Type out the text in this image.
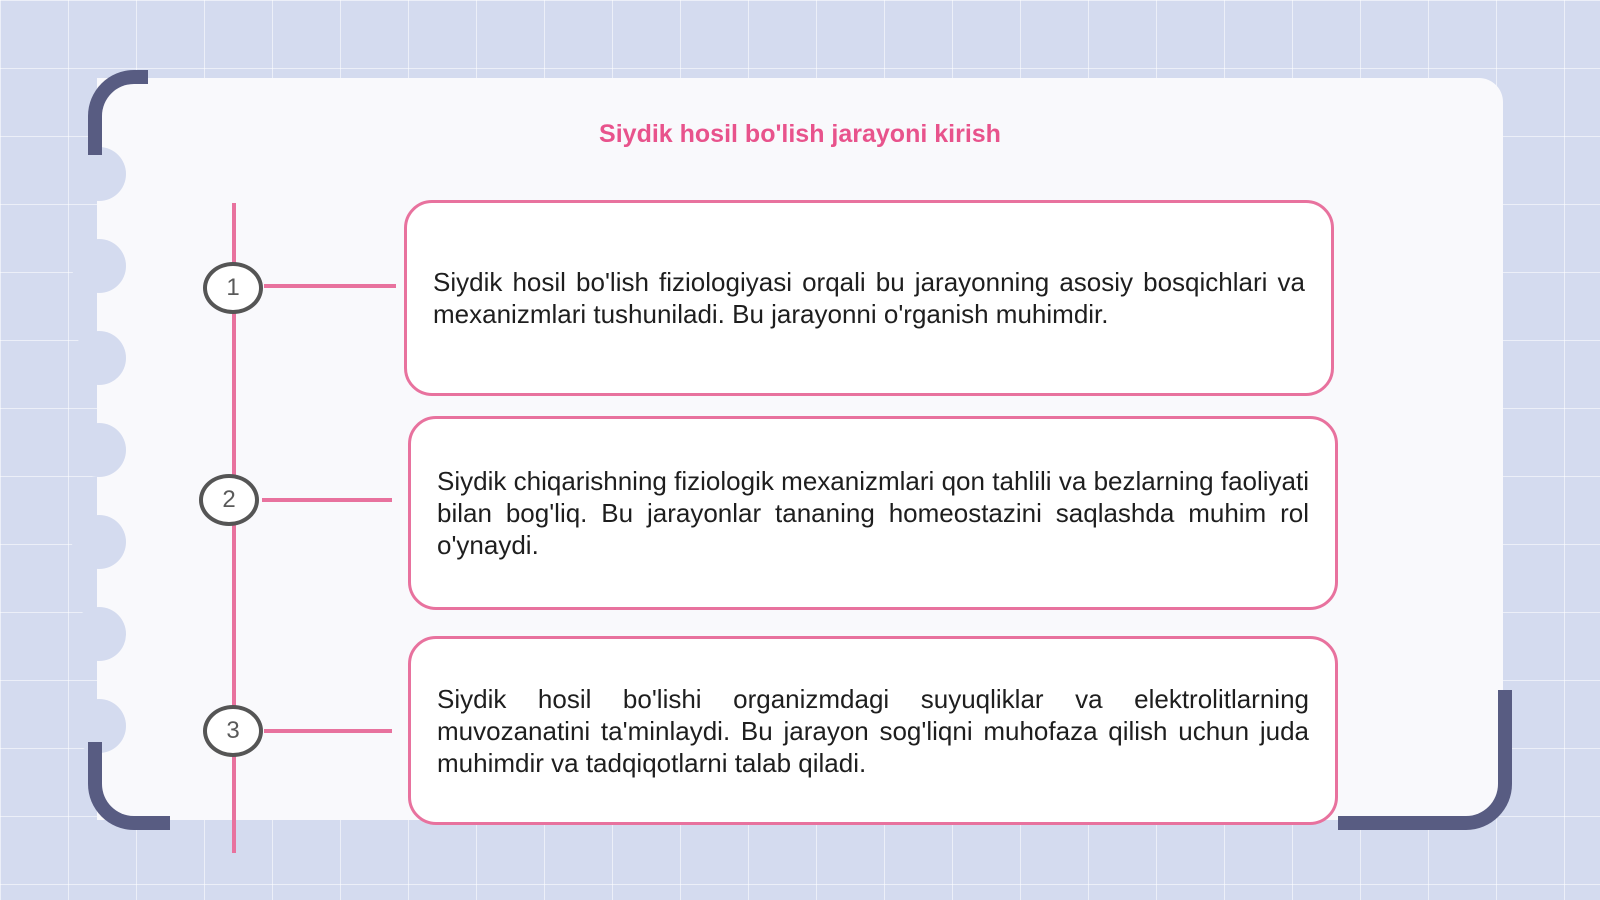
Siydik hosil bo'lish jarayoni kirish
1	Siydik hosil bo'lish fiziologiyasi orqali bu jarayonning asosiy bosqichlari va mexanizmlari tushuniladi. Bu jarayonni o'rganish muhimdir.

2

Siydik chiqarishning fiziologik mexanizmlari qon tahlili va bezlarning faoliyati bilan bog'liq. Bu jarayonlar tananing homeostazini saqlashda muhim rol o'ynaydi.

3

Siydik hosil bo'lishi organizmdagi suyuqliklar va elektrolitlarning muvozanatini ta'minlaydi. Bu jarayon sog'liqni muhofaza qilish uchun juda muhimdir va tadqiqotlarni talab qiladi.
